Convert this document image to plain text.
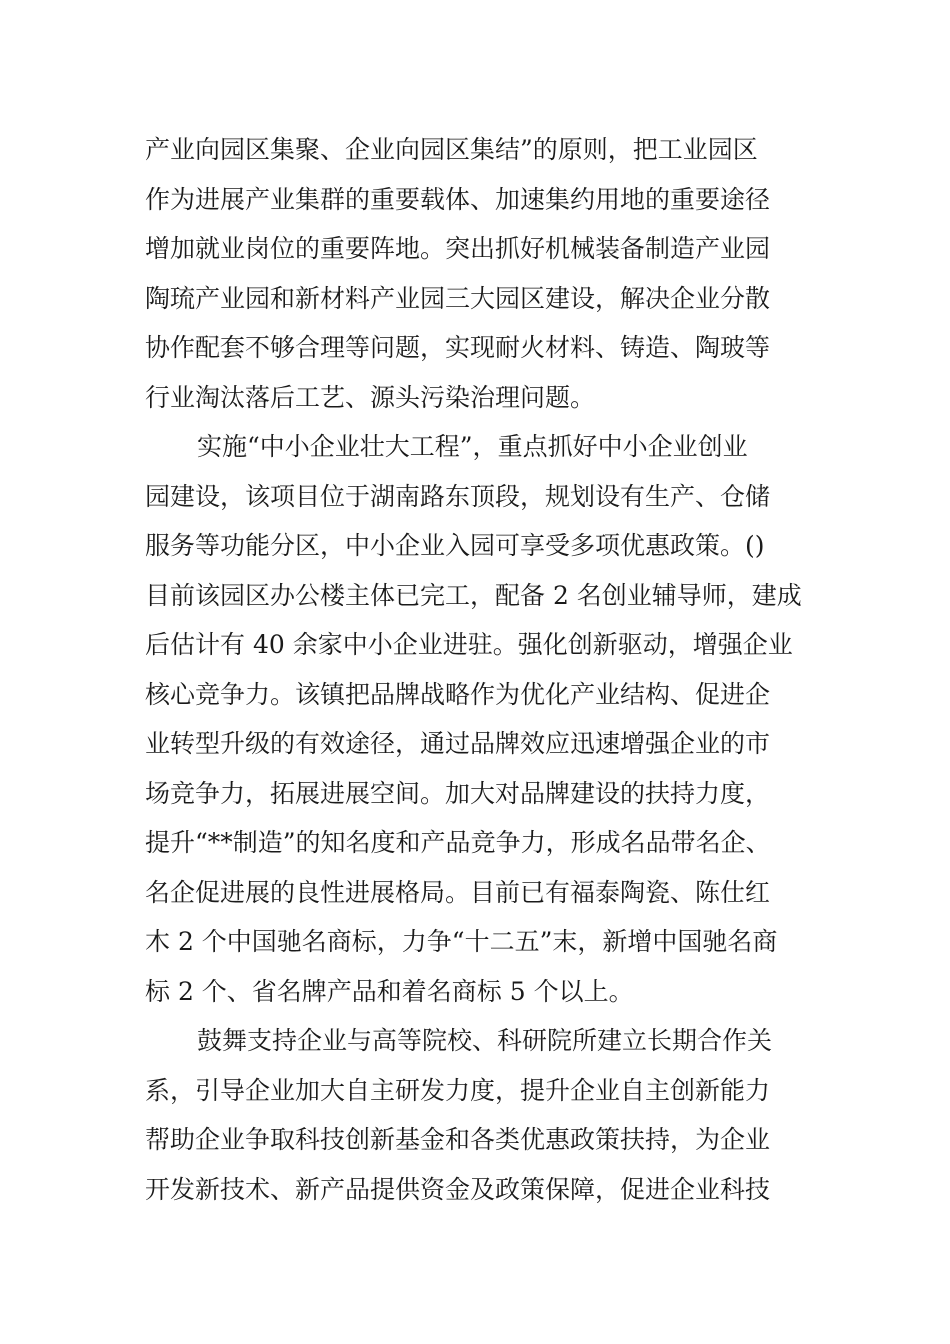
产业向园区集聚、企业向园区集结”的原则，把工业园区
作为进展产业集群的重要载体、加速集约用地的重要途径
增加就业岗位的重要阵地。突出抓好机械装备制造产业园
陶琉产业园和新材料产业园三大园区建设，解决企业分散
协作配套不够合理等问题，实现耐火材料、铸造、陶玻等
行业淘汰落后工艺、源头污染治理问题。
实施“中小企业壮大工程”，重点抓好中小企业创业
园建设，该项目位于湖南路东顶段，规划设有生产、仓储
服务等功能分区，中小企业入园可享受多项优惠政策。()
目前该园区办公楼主体已完工，配备 2 名创业辅导师，建成
后估计有 40 余家中小企业进驻。强化创新驱动，增强企业
核心竞争力。该镇把品牌战略作为优化产业结构、促进企
业转型升级的有效途径，通过品牌效应迅速增强企业的市
场竞争力，拓展进展空间。加大对品牌建设的扶持力度，
提升“**制造”的知名度和产品竞争力，形成名品带名企、
名企促进展的良性进展格局。目前已有福泰陶瓷、陈仕红
木 2 个中国驰名商标，力争“十二五”末，新增中国驰名商
标 2 个、省名牌产品和着名商标 5 个以上。
鼓舞支持企业与高等院校、科研院所建立长期合作关
系，引导企业加大自主研发力度，提升企业自主创新能力
帮助企业争取科技创新基金和各类优惠政策扶持，为企业
开发新技术、新产品提供资金及政策保障，促进企业科技
